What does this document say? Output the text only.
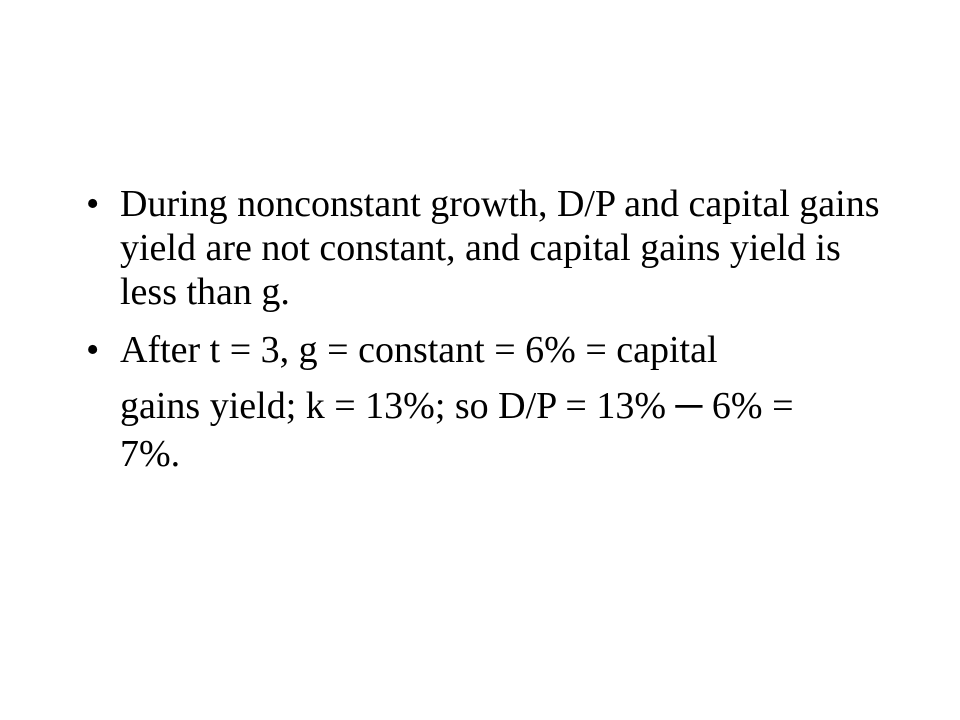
• During nonconstant growth, D/P and capital gains yield are not constant, and capital gains yield is less than g.
• After t = 3, g = constant = 6% = capital
gains yield; k = 13%; so D/P = 13% ─ 6% =
7%.
